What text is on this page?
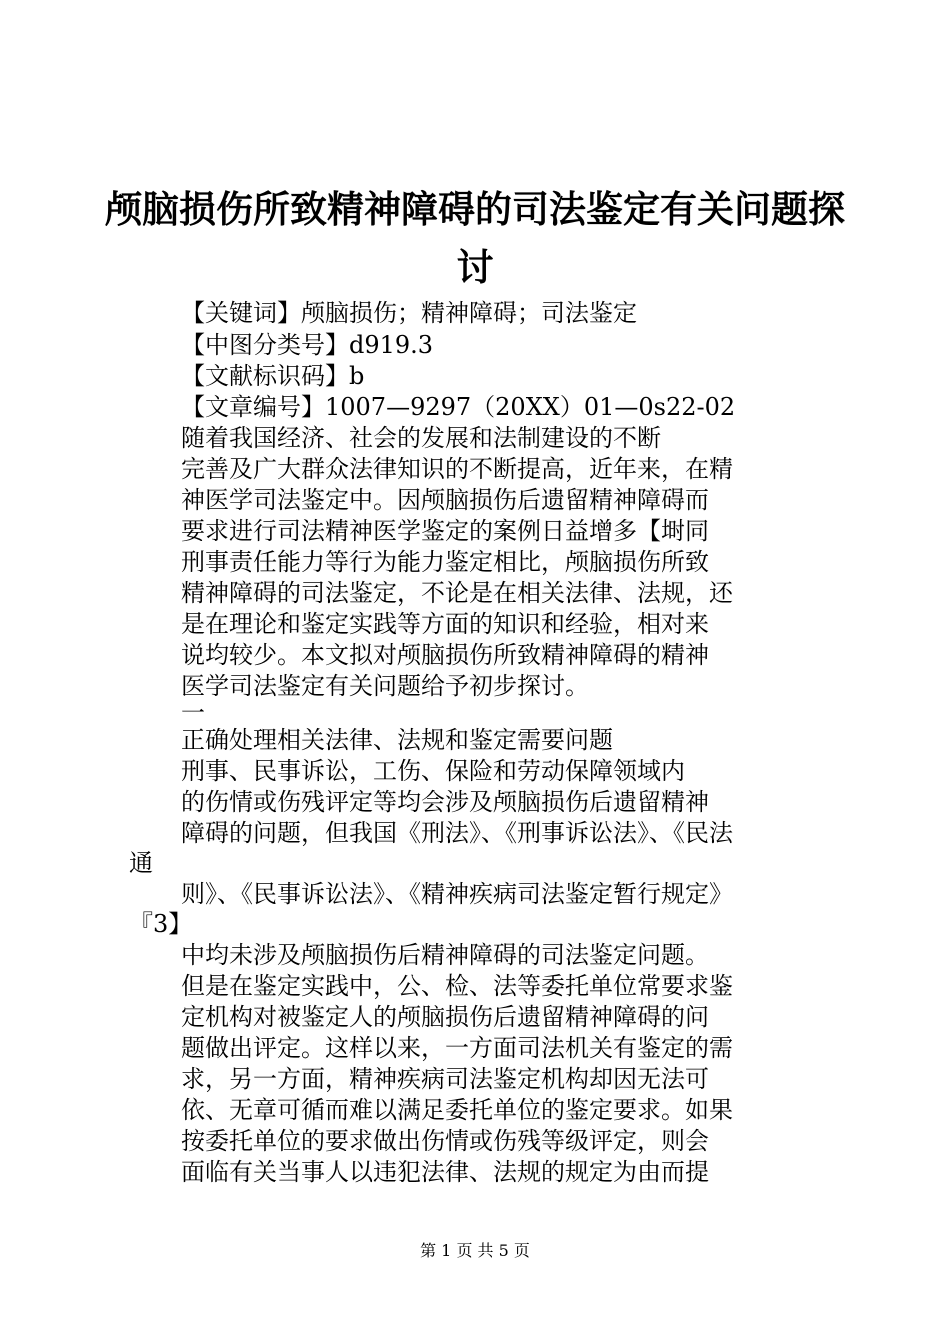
颅脑损伤所致精神障碍的司法鉴定有关问题探
讨
【关键词】颅脑损伤；精神障碍；司法鉴定
【中图分类号】d919.3
【文献标识码】b
【文章编号】1007—9297（20XX）01—0s22-02
随着我国经济、社会的发展和法制建设的不断
完善及广大群众法律知识的不断提高，近年来，在精
神医学司法鉴定中。因颅脑损伤后遗留精神障碍而
要求进行司法精神医学鉴定的案例日益增多【埘同
刑事责任能力等行为能力鉴定相比，颅脑损伤所致
精神障碍的司法鉴定，不论是在相关法律、法规，还
是在理论和鉴定实践等方面的知识和经验，相对来
说均较少。本文拟对颅脑损伤所致精神障碍的精神
医学司法鉴定有关问题给予初步探讨。
一
正确处理相关法律、法规和鉴定需要问题
刑事、民事诉讼，工伤、保险和劳动保障领域内
的伤情或伤残评定等均会涉及颅脑损伤后遗留精神
障碍的问题，但我国《刑法》、《刑事诉讼法》、《民法
通
则》、《民事诉讼法》、《精神疾病司法鉴定暂行规定》
『3】
中均未涉及颅脑损伤后精神障碍的司法鉴定问题。
但是在鉴定实践中，公、检、法等委托单位常要求鉴
定机构对被鉴定人的颅脑损伤后遗留精神障碍的问
题做出评定。这样以来，一方面司法机关有鉴定的需
求，另一方面，精神疾病司法鉴定机构却因无法可
依、无章可循而难以满足委托单位的鉴定要求。如果
按委托单位的要求做出伤情或伤残等级评定，则会
面临有关当事人以违犯法律、法规的规定为由而提
第 1 页 共 5 页
